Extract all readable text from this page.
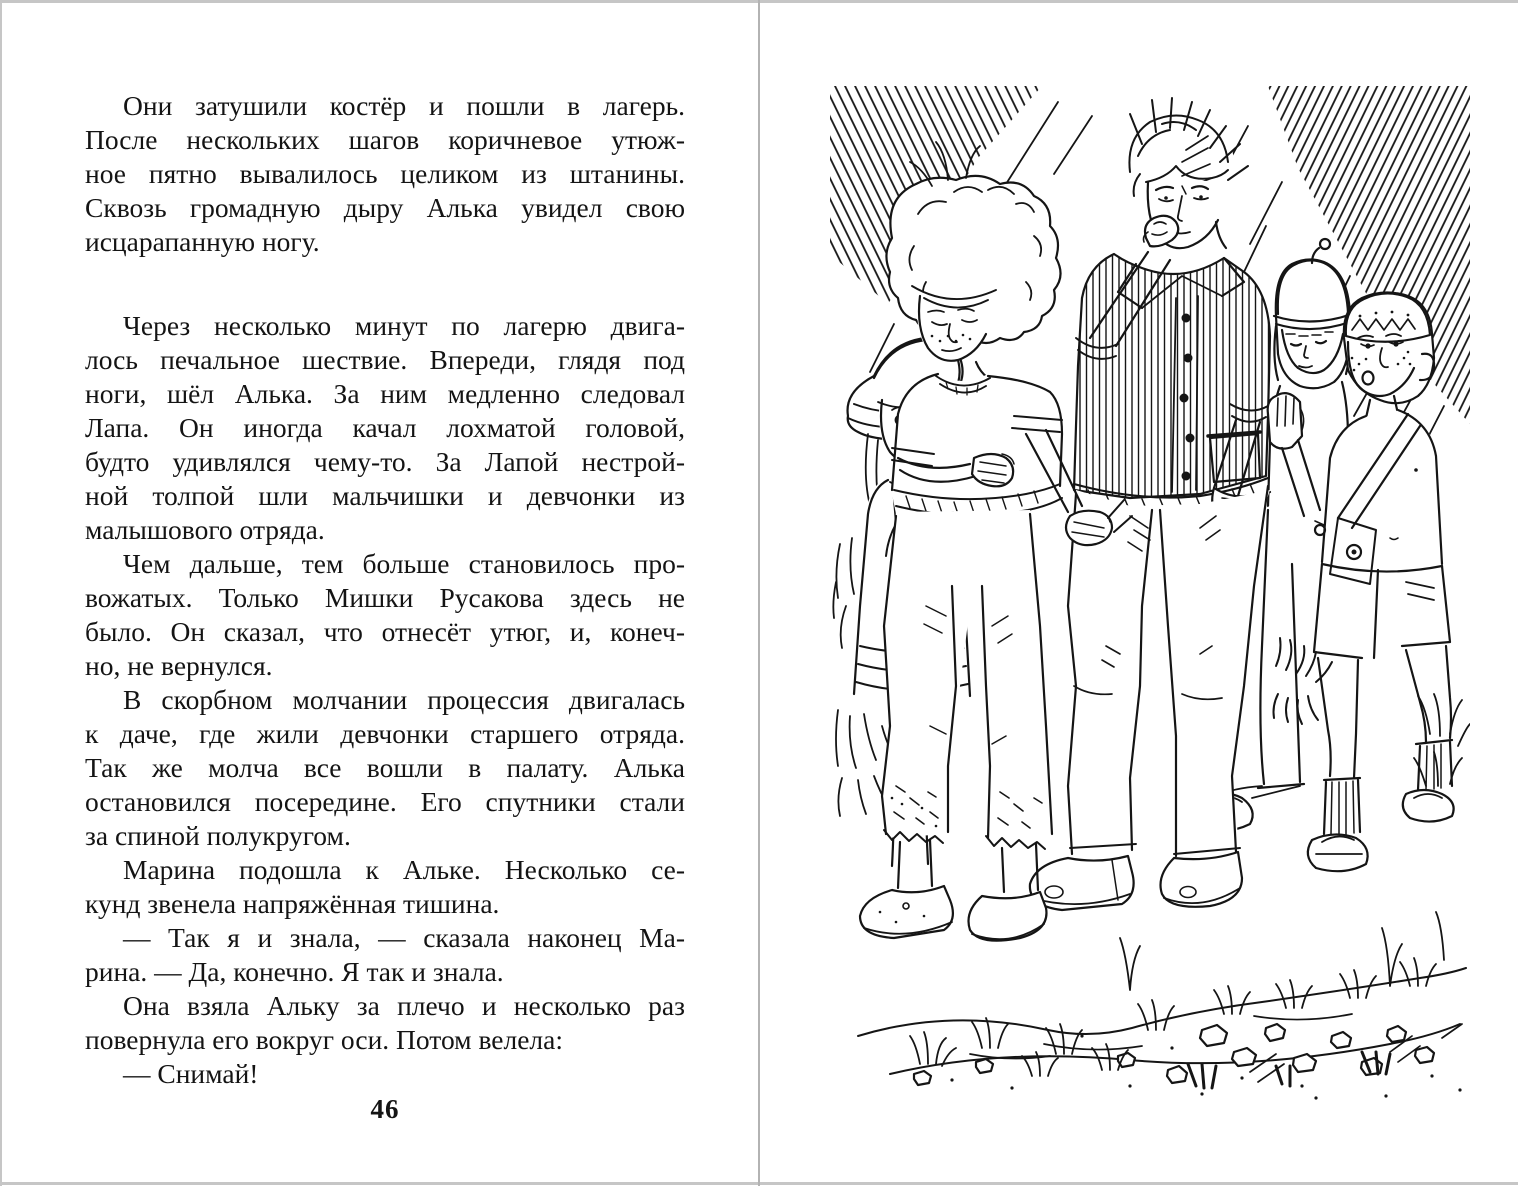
Они затушили костёр и пошли в лагерь.
После нескольких шагов коричневое утюж-
ное пятно вывалилось целиком из штанины.
Сквозь громадную дыру Алька увидел свою
исцарапанную ногу.
Через несколько минут по лагерю двига-
лось печальное шествие. Впереди, глядя под
ноги, шёл Алька. За ним медленно следовал
Лапа. Он иногда качал лохматой головой,
будто удивлялся чему-то. За Лапой нестрой-
ной толпой шли мальчишки и девчонки из
малышового отряда.
Чем дальше, тем больше становилось про-
вожатых. Только Мишки Русакова здесь не
было. Он сказал, что отнесёт утюг, и, конеч-
но, не вернулся.
В скорбном молчании процессия двигалась
к даче, где жили девчонки старшего отряда.
Так же молча все вошли в палату. Алька
остановился посередине. Его спутники стали
за спиной полукругом.
Марина подошла к Альке. Несколько се-
кунд звенела напряжённая тишина.
— Так я и знала, — сказала наконец Ма-
рина. — Да, конечно. Я так и знала.
Она взяла Альку за плечо и несколько раз
повернула его вокруг оси. Потом велела:
— Снимай!
46
